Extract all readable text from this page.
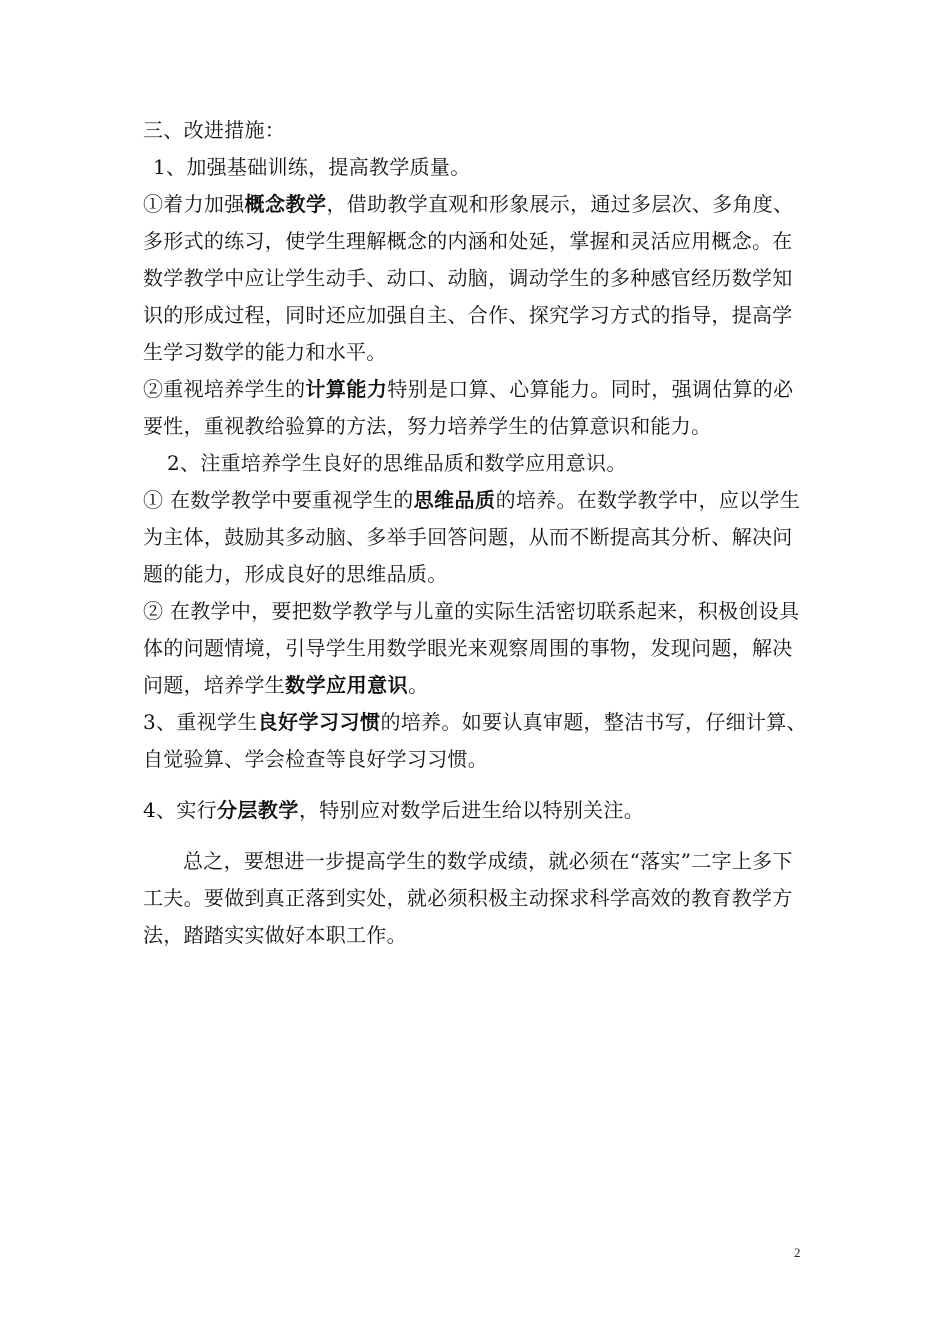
三、改进措施：

1、加强基础训练，提高教学质量。

①着力加强概念教学，借助教学直观和形象展示，通过多层次、多角度、多形式的练习，使学生理解概念的内涵和处延，掌握和灵活应用概念。在数学教学中应让学生动手、动口、动脑，调动学生的多种感官经历数学知识的形成过程，同时还应加强自主、合作、探究学习方式的指导，提高学生学习数学的能力和水平。

②重视培养学生的计算能力特别是口算、心算能力。同时，强调估算的必要性，重视教给验算的方法，努力培养学生的估算意识和能力。

2、注重培养学生良好的思维品质和数学应用意识。

① 在数学教学中要重视学生的思维品质的培养。在数学教学中，应以学生为主体，鼓励其多动脑、多举手回答问题，从而不断提高其分析、解决问题的能力，形成良好的思维品质。

② 在教学中，要把数学教学与儿童的实际生活密切联系起来，积极创设具体的问题情境，引导学生用数学眼光来观察周围的事物，发现问题，解决问题，培养学生数学应用意识。

3、重视学生良好学习习惯的培养。如要认真审题，整洁书写，仔细计算、自觉验算、学会检查等良好学习习惯。

4、实行分层教学，特别应对数学后进生给以特别关注。

总之，要想进一步提高学生的数学成绩，就必须在“落实”二字上多下工夫。要做到真正落到实处，就必须积极主动探求科学高效的教育教学方法，踏踏实实做好本职工作。

2
